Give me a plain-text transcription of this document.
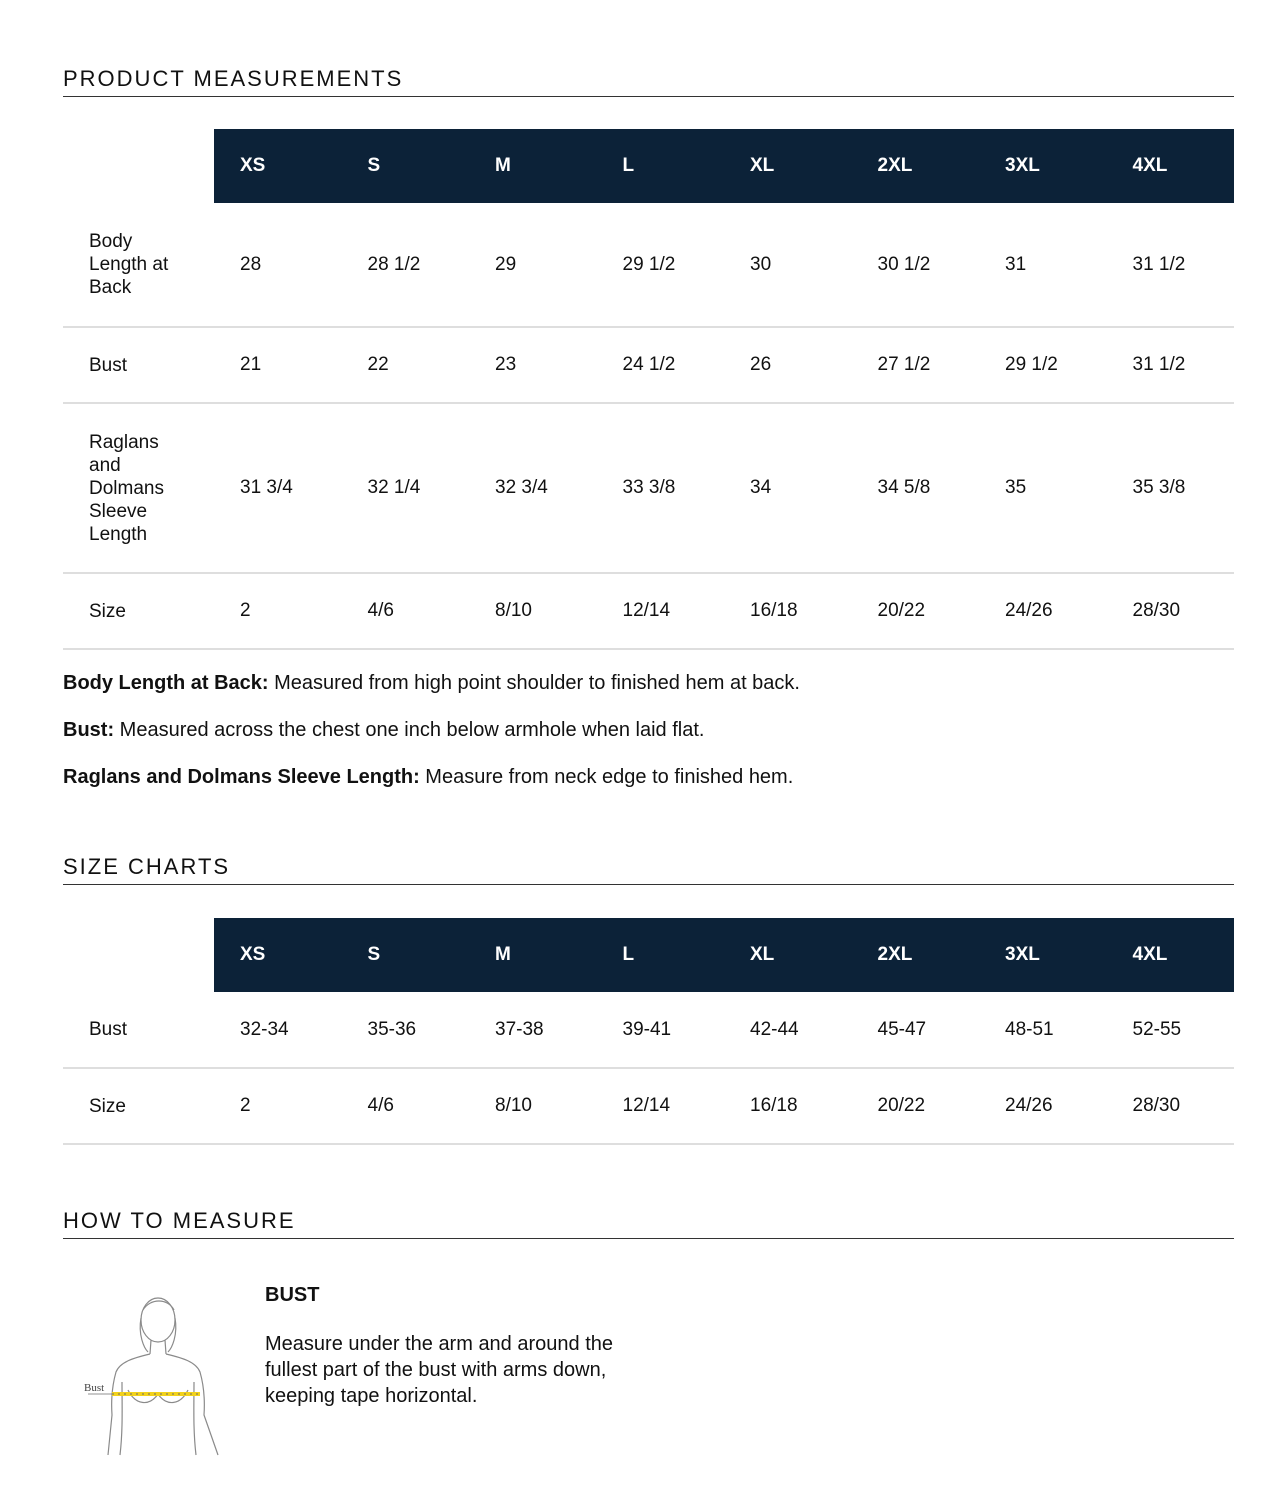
PRODUCT MEASUREMENTS
	XS	S	M	L	XL	2XL	3XL	4XL
Body
Length at
Back	28	28 1/2	29	29 1/2	30	30 1/2	31	31 1/2
Bust	21	22	23	24 1/2	26	27 1/2	29 1/2	31 1/2
Raglans
and
Dolmans
Sleeve
Length	31 3/4	32 1/4	32 3/4	33 3/8	34	34 5/8	35	35 3/8
Size	2	4/6	8/10	12/14	16/18	20/22	24/26	28/30

Body Length at Back: Measured from high point shoulder to finished hem at back.

Bust: Measured across the chest one inch below armhole when laid flat.

Raglans and Dolmans Sleeve Length: Measure from neck edge to finished hem.

SIZE CHARTS
	XS	S	M	L	XL	2XL	3XL	4XL
Bust	32-34	35-36	37-38	39-41	42-44	45-47	48-51	52-55
Size	2	4/6	8/10	12/14	16/18	20/22	24/26	28/30
HOW TO MEASURE
Bust
BUST
Measure under the arm and around the fullest part of the bust with arms down, keeping tape horizontal.
